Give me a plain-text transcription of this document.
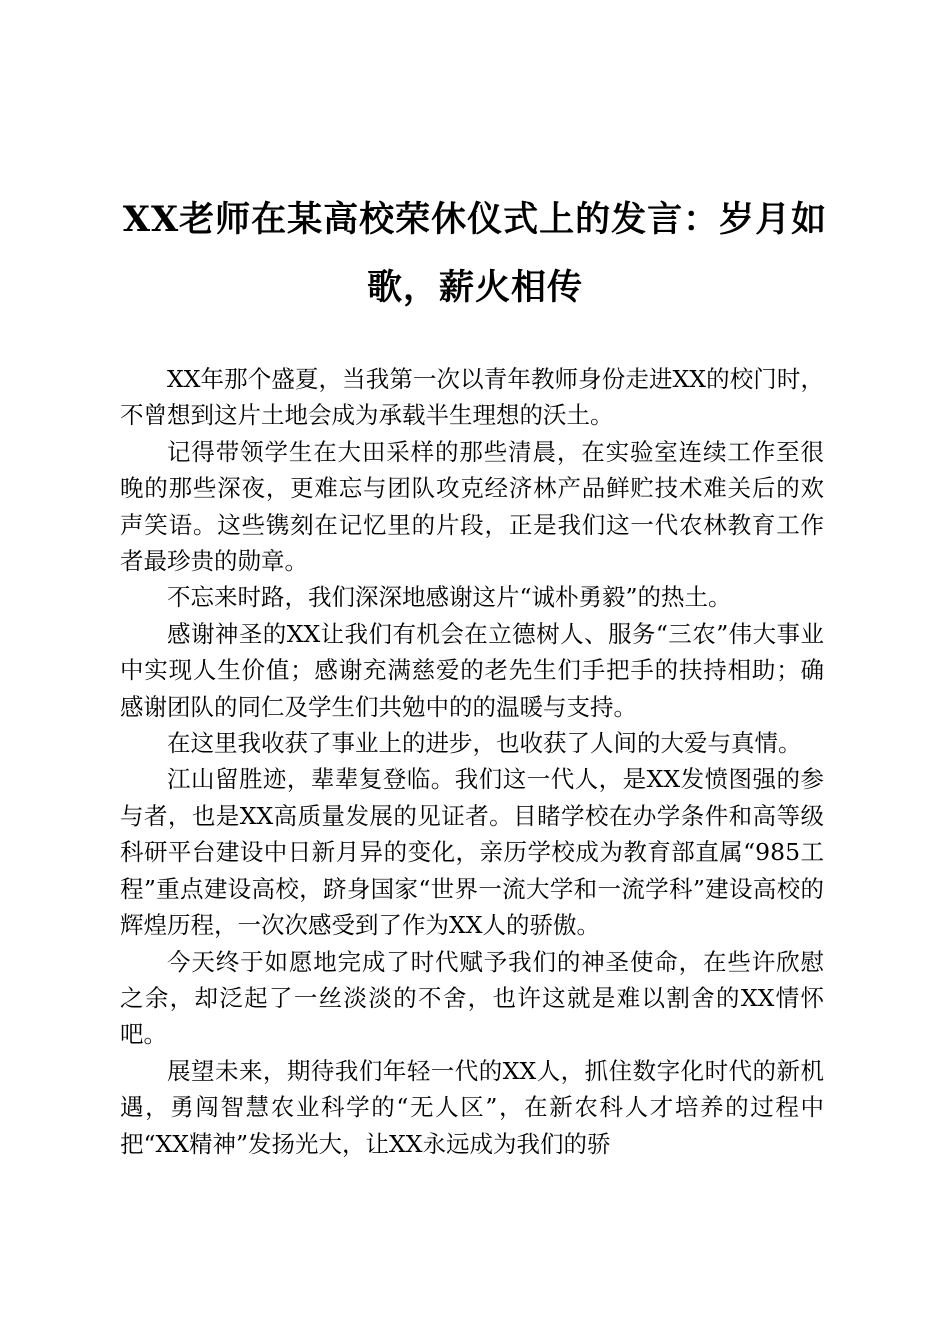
XX老师在某高校荣休仪式上的发言：岁月如
歌，薪火相传

XX年那个盛夏，当我第一次以青年教师身份走进XX的校门时，不曾想到这片土地会成为承载半生理想的沃土。

记得带领学生在大田采样的那些清晨，在实验室连续工作至很晚的那些深夜，更难忘与团队攻克经济林产品鲜贮技术难关后的欢声笑语。这些镌刻在记忆里的片段，正是我们这一代农林教育工作者最珍贵的勋章。

不忘来时路，我们深深地感谢这片“诚朴勇毅”的热土。

感谢神圣的XX让我们有机会在立德树人、服务“三农”伟大事业中实现人生价值；感谢充满慈爱的老先生们手把手的扶持相助；确感谢团队的同仁及学生们共勉中的的温暖与支持。

在这里我收获了事业上的进步，也收获了人间的大爱与真情。

江山留胜迹，辈辈复登临。我们这一代人，是XX发愤图强的参与者，也是XX高质量发展的见证者。目睹学校在办学条件和高等级科研平台建设中日新月异的变化，亲历学校成为教育部直属“985工程”重点建设高校，跻身国家“世界一流大学和一流学科”建设高校的辉煌历程，一次次感受到了作为XX人的骄傲。

今天终于如愿地完成了时代赋予我们的神圣使命，在些许欣慰之余，却泛起了一丝淡淡的不舍，也许这就是难以割舍的XX情怀吧。

展望未来，期待我们年轻一代的XX人，抓住数字化时代的新机遇，勇闯智慧农业科学的“无人区”，在新农科人才培养的过程中把“XX精神”发扬光大，让XX永远成为我们的骄
